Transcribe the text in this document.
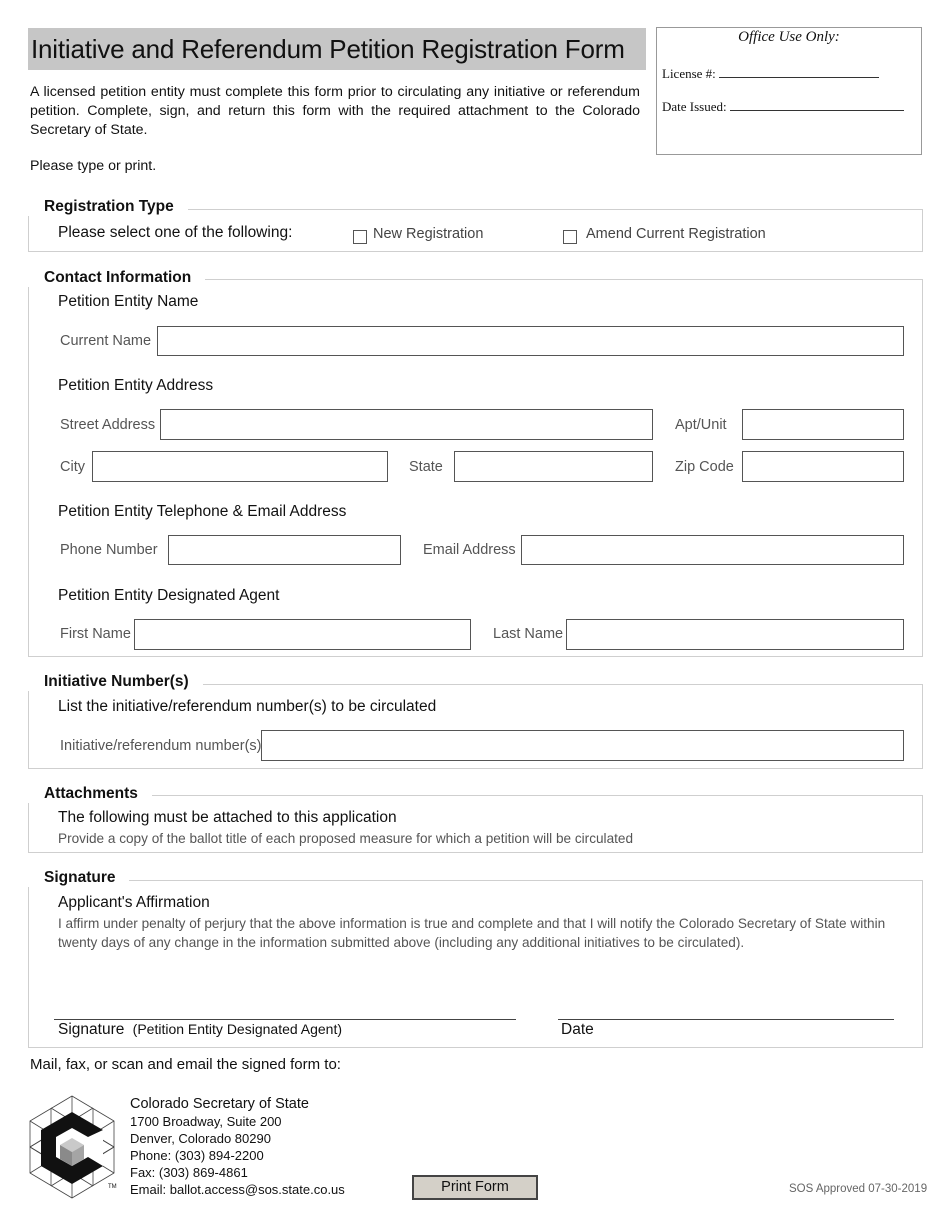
Initiative and Referendum Petition Registration Form
A licensed petition entity must complete this form prior to circulating any initiative or referendum petition. Complete, sign, and return this form with the required attachment to the Colorado Secretary of State.
Please type or print.
Office Use Only:
License #:
Date Issued:
Registration Type
Please select one of the following:	New Registration	Amend Current Registration
Contact Information
Petition Entity Name
Current Name
Petition Entity Address
Street Address	Apt/Unit
City	State	Zip Code
Petition Entity Telephone & Email Address
Phone Number	Email Address
Petition Entity Designated Agent
First Name	Last Name
Initiative Number(s)
List the initiative/referendum number(s) to be circulated
Initiative/referendum number(s)
Attachments
The following must be attached to this application
Provide a copy of the ballot title of each proposed measure for which a petition will be circulated
Signature
Applicant's Affirmation
I affirm under penalty of perjury that the above information is true and complete and that I will notify the Colorado Secretary of State within twenty days of any change in the information submitted above (including any additional initiatives to be circulated).
Signature (Petition Entity Designated Agent)	Date
Mail, fax, or scan and email the signed form to:
TM
Colorado Secretary of State
1700 Broadway, Suite 200
Denver, Colorado 80290
Phone: (303) 894-2200
Fax: (303) 869-4861
Email: ballot.access@sos.state.co.us	Print Form	SOS Approved 07-30-2019
